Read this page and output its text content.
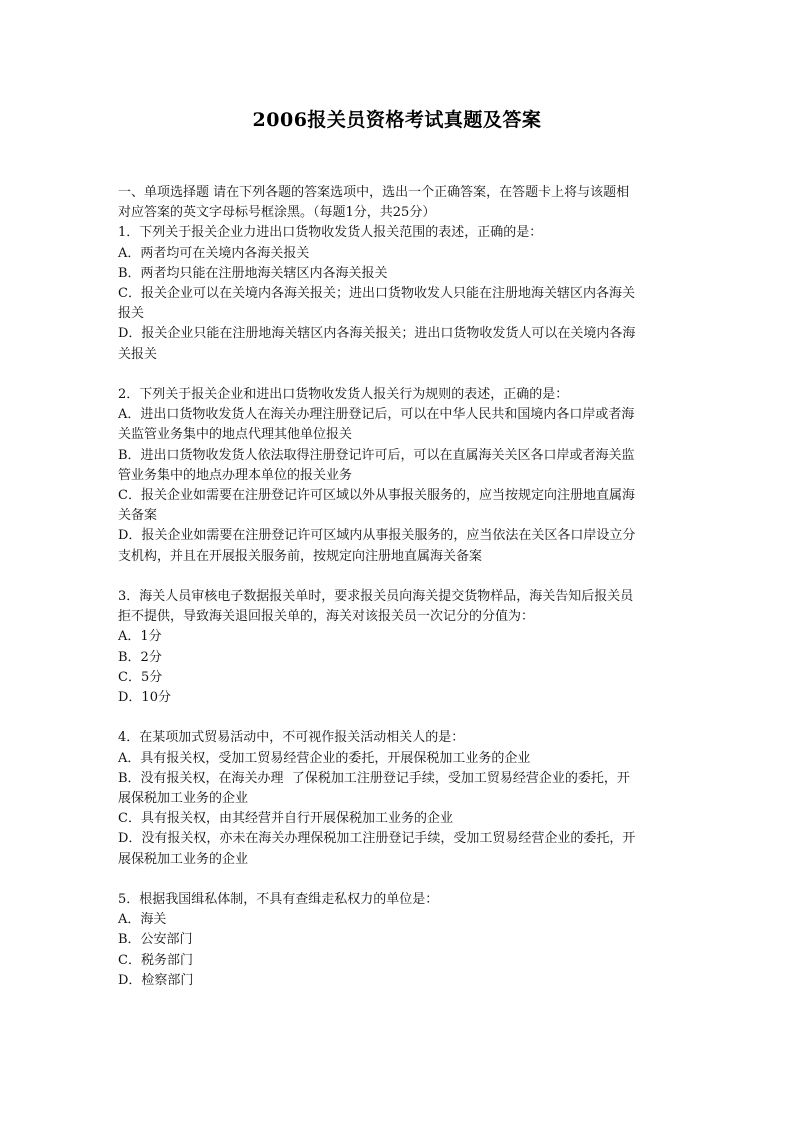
2006报关员资格考试真题及答案

一、单项选择题 请在下列各题的答案选项中，选出一个正确答案，在答题卡上将与该题相

对应答案的英文字母标号框涂黑。（每题1分，共25分）

1．下列关于报关企业力进出口货物收发货人报关范围的表述，正确的是：

A．两者均可在关境内各海关报关

B．两者均只能在注册地海关辖区内各海关报关

C．报关企业可以在关境内各海关报关；进出口货物收发人只能在注册地海关辖区内各海关

报关

D．报关企业只能在注册地海关辖区内各海关报关；进出口货物收发货人可以在关境内各海

关报关

2．下列关于报关企业和进出口货物收发货人报关行为规则的表述，正确的是：

A．进出口货物收发货人在海关办理注册登记后，可以在中华人民共和国境内各口岸或者海

关监管业务集中的地点代理其他单位报关

B．进出口货物收发货人依法取得注册登记许可后，可以在直属海关关区各口岸或者海关监

管业务集中的地点办理本单位的报关业务

C．报关企业如需要在注册登记许可区域以外从事报关服务的，应当按规定向注册地直属海

关备案

D．报关企业如需要在注册登记许可区域内从事报关服务的，应当依法在关区各口岸设立分

支机构，并且在开展报关服务前，按规定向注册地直属海关备案

3．海关人员审核电子数据报关单时，要求报关员向海关提交货物样品，海关告知后报关员

拒不提供，导致海关退回报关单的，海关对该报关员一次记分的分值为：

A．1分

B．2分

C．5分

D．10分

4．在某项加式贸易活动中，不可视作报关活动相关人的是：

A．具有报关权，受加工贸易经营企业的委托，开展保税加工业务的企业

B．没有报关权，在海关办理  了保税加工注册登记手续，受加工贸易经营企业的委托，开

展保税加工业务的企业

C．具有报关权，由其经营并自行开展保税加工业务的企业

D．没有报关权，亦未在海关办理保税加工注册登记手续，受加工贸易经营企业的委托，开

展保税加工业务的企业

5．根据我国缉私体制，不具有查缉走私权力的单位是：

A．海关

B．公安部门

C．税务部门

D．检察部门
